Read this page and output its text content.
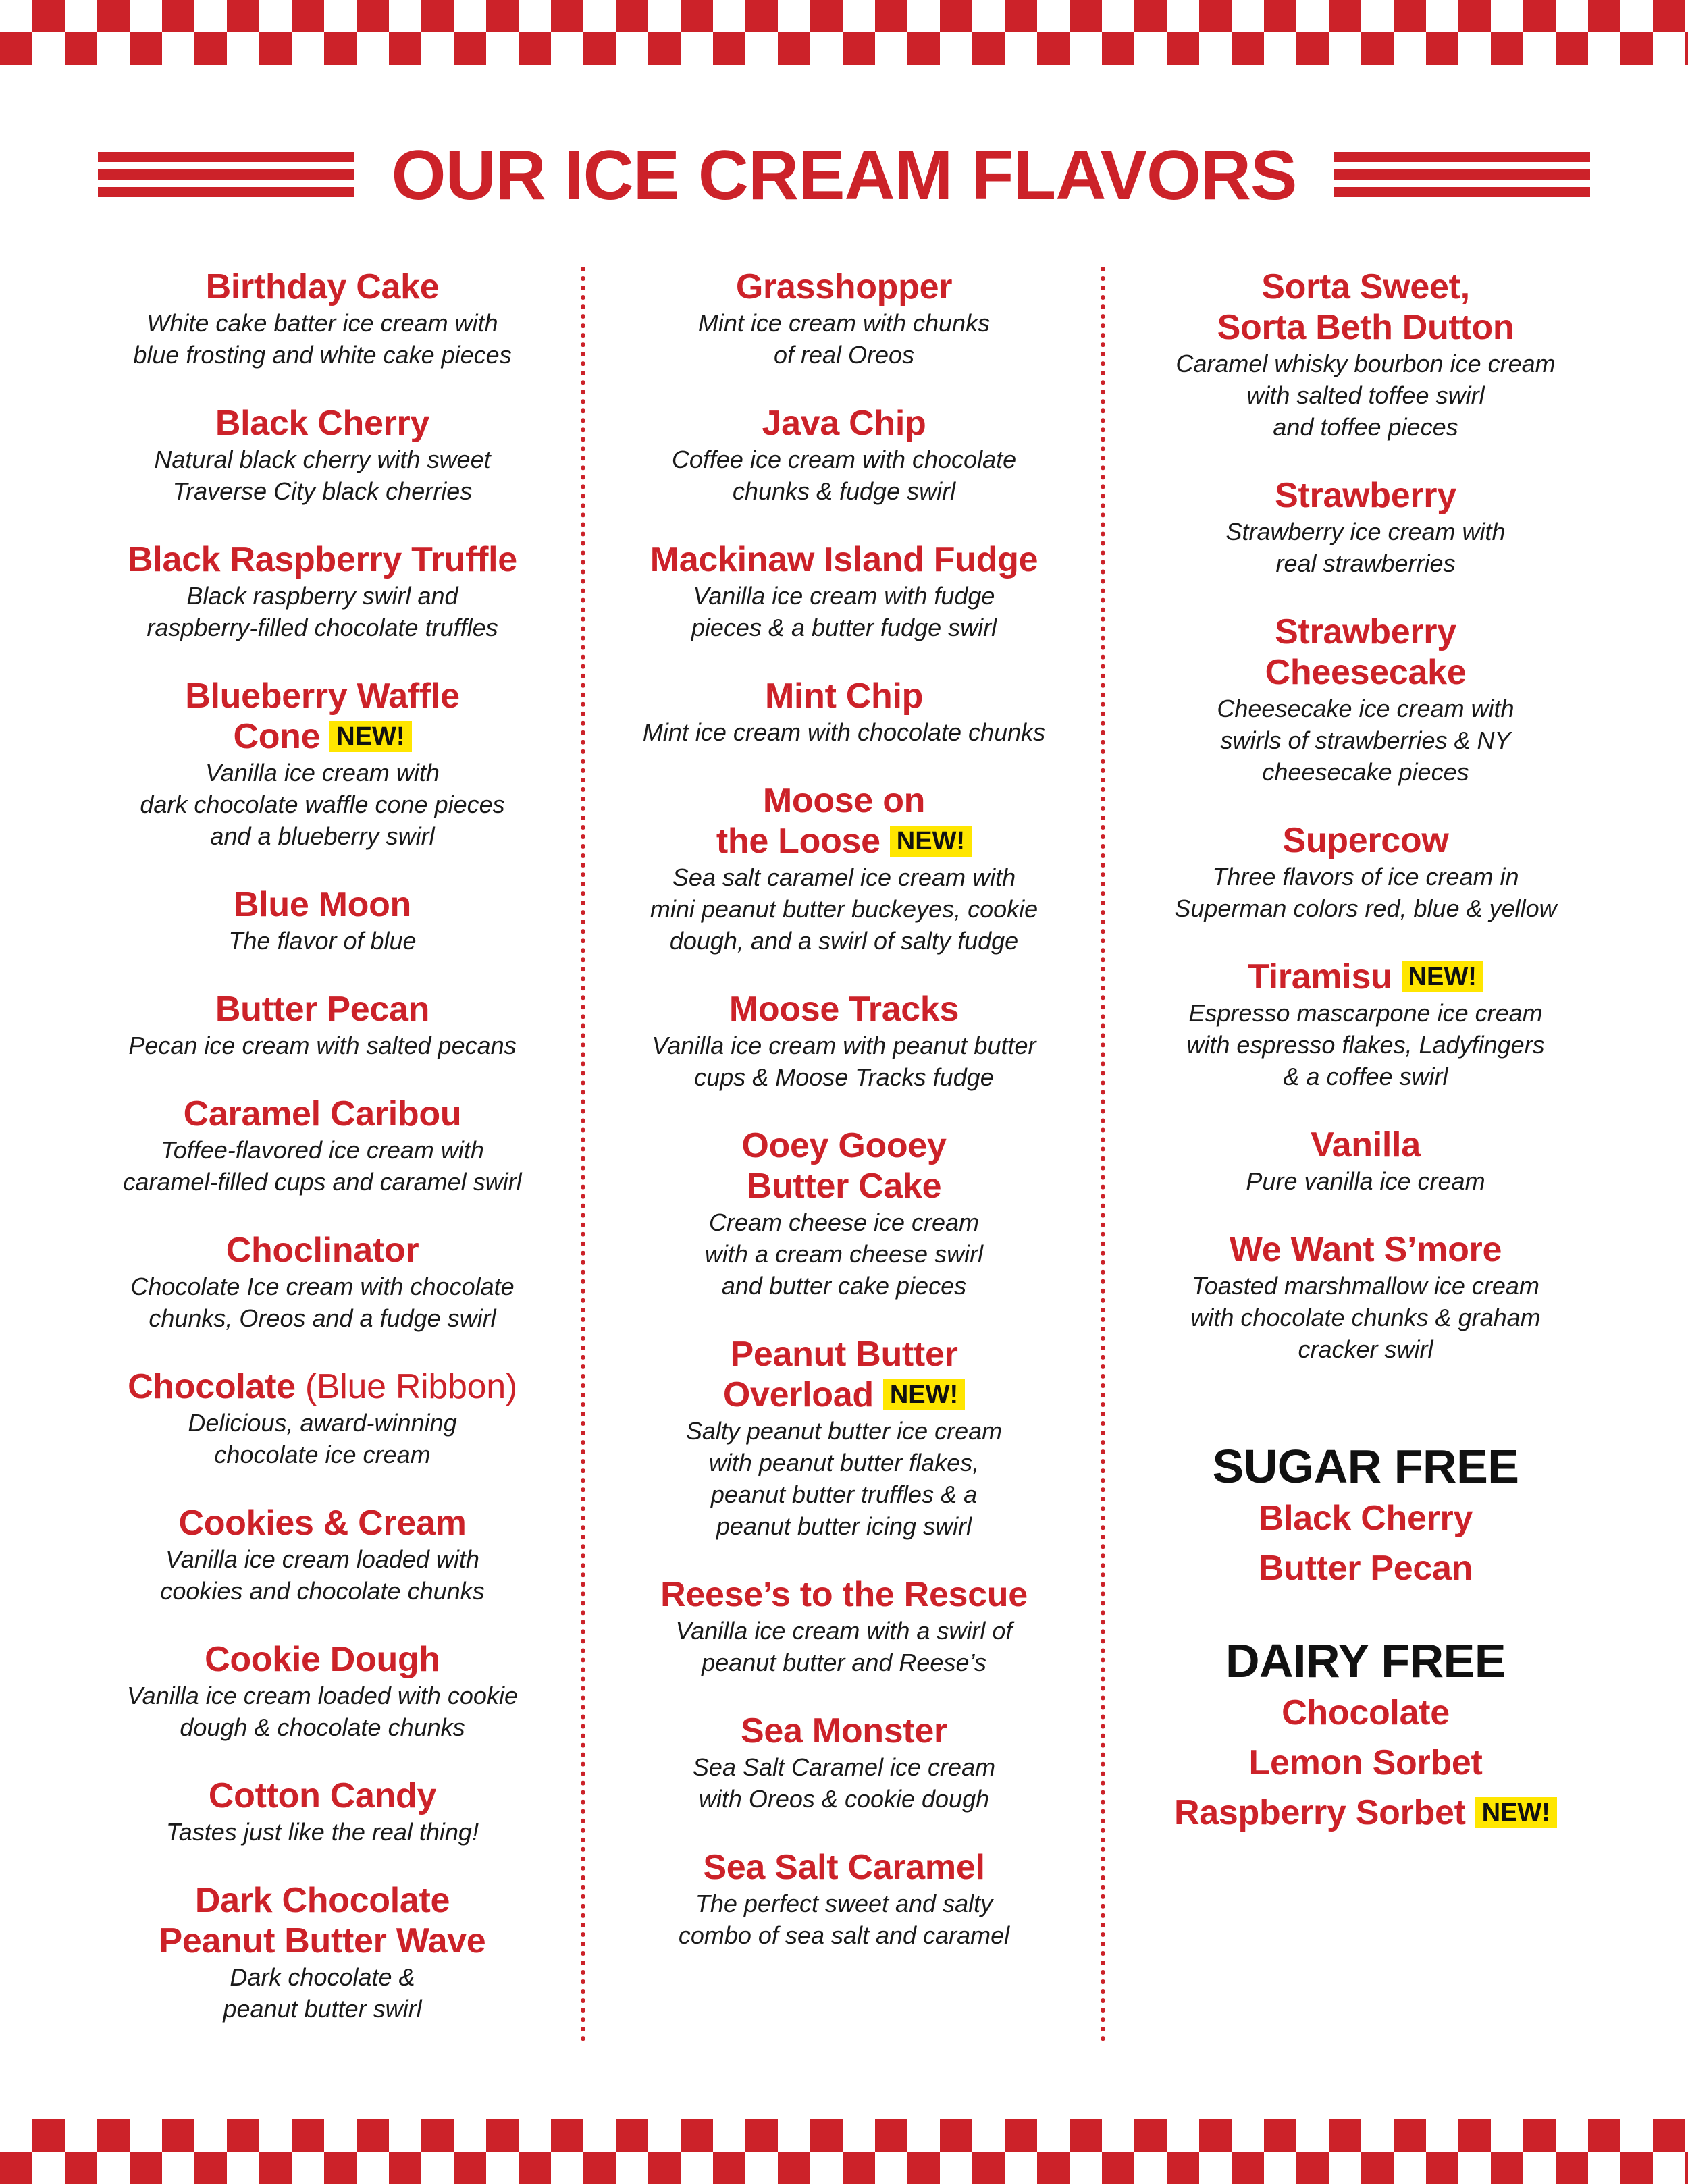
OUR ICE CREAM FLAVORS
Birthday Cake
White cake batter ice cream with
blue frosting and white cake pieces
Black Cherry
Natural black cherry with sweet
Traverse City black cherries
Black Raspberry Truffle
Black raspberry swirl and
raspberry-filled chocolate truffles
Blueberry Waffle
Cone NEW!
Vanilla ice cream with
dark chocolate waffle cone pieces
and a blueberry swirl
Blue Moon
The flavor of blue
Butter Pecan
Pecan ice cream with salted pecans
Caramel Caribou
Toffee-flavored ice cream with
caramel-filled cups and caramel swirl
Choclinator
Chocolate Ice cream with chocolate
chunks, Oreos and a fudge swirl
Chocolate (Blue Ribbon)
Delicious, award-winning
chocolate ice cream
Cookies & Cream
Vanilla ice cream loaded with
cookies and chocolate chunks
Cookie Dough
Vanilla ice cream loaded with cookie
dough & chocolate chunks
Cotton Candy
Tastes just like the real thing!
Dark Chocolate
Peanut Butter Wave
Dark chocolate &
peanut butter swirl
Grasshopper
Mint ice cream with chunks
of real Oreos
Java Chip
Coffee ice cream with chocolate
chunks & fudge swirl
Mackinaw Island Fudge
Vanilla ice cream with fudge
pieces & a butter fudge swirl
Mint Chip
Mint ice cream with chocolate chunks
Moose on
the Loose NEW!
Sea salt caramel ice cream with
mini peanut butter buckeyes, cookie
dough, and a swirl of salty fudge
Moose Tracks
Vanilla ice cream with peanut butter
cups & Moose Tracks fudge
Ooey Gooey
Butter Cake
Cream cheese ice cream
with a cream cheese swirl
and butter cake pieces
Peanut Butter
Overload NEW!
Salty peanut butter ice cream
with peanut butter flakes,
peanut butter truffles & a
peanut butter icing swirl
Reese’s to the Rescue
Vanilla ice cream with a swirl of
peanut butter and Reese’s
Sea Monster
Sea Salt Caramel ice cream
with Oreos & cookie dough
Sea Salt Caramel
The perfect sweet and salty
combo of sea salt and caramel
Sorta Sweet,
Sorta Beth Dutton
Caramel whisky bourbon ice cream
with salted toffee swirl
and toffee pieces
Strawberry
Strawberry ice cream with
real strawberries
Strawberry
Cheesecake
Cheesecake ice cream with
swirls of strawberries & NY
cheesecake pieces
Supercow
Three flavors of ice cream in
Superman colors red, blue & yellow
Tiramisu NEW!
Espresso mascarpone ice cream
with espresso flakes, Ladyfingers
& a coffee swirl
Vanilla
Pure vanilla ice cream
We Want S’more
Toasted marshmallow ice cream
with chocolate chunks & graham
cracker swirl
SUGAR FREE
Black Cherry
Butter Pecan
DAIRY FREE
Chocolate
Lemon Sorbet
Raspberry Sorbet NEW!
